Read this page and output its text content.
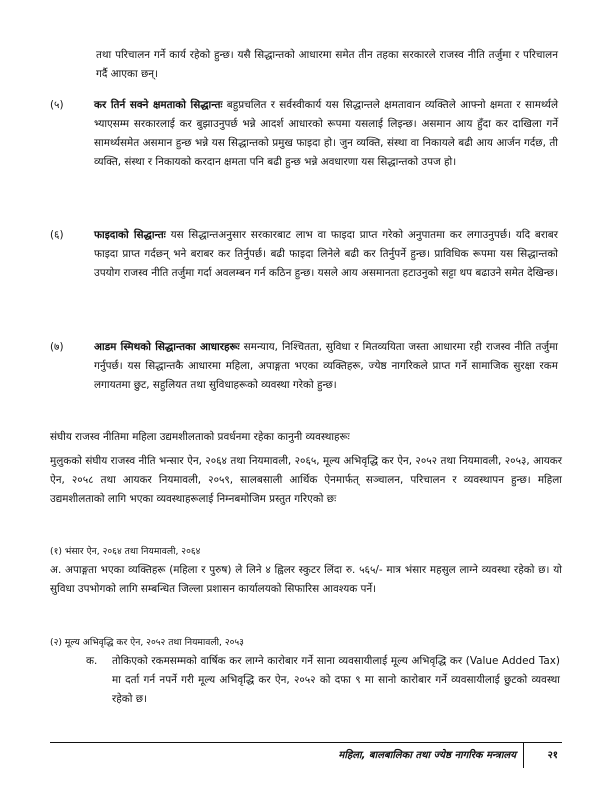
तथा परिचालन गर्ने कार्य रहेको हुन्छ। यसै सिद्धान्तको आधारमा समेत तीन तहका सरकारले राजस्व नीति तर्जुमा र परिचालन गर्दै आएका छन्।

(५)	कर तिर्न सक्ने क्षमताको सिद्धान्तः बहुप्रचलित र सर्वस्वीकार्य यस सिद्धान्तले क्षमतावान व्यक्तिले आफ्नो क्षमता र सामर्थ्यले भ्याएसम्म सरकारलाई कर बुझाउनुपर्छ भन्ने आदर्श आधारको रूपमा यसलाई लिइन्छ। असमान आय हुँदा कर दाखिला गर्ने सामर्थ्यसमेत असमान हुन्छ भन्ने यस सिद्धान्तको प्रमुख फाइदा हो। जुन व्यक्ति, संस्था वा निकायले बढी आय आर्जन गर्दछ, ती व्यक्ति, संस्था र निकायको करदान क्षमता पनि बढी हुन्छ भन्ने अवधारणा यस सिद्धान्तको उपज हो।

(६)	फाइदाको सिद्धान्तः यस सिद्धान्तअनुसार सरकारबाट लाभ वा फाइदा प्राप्त गरेको अनुपातमा कर लगाउनुपर्छ। यदि बराबर फाइदा प्राप्त गर्दछन् भने बराबर कर तिर्नुपर्छ। बढी फाइदा लिनेले बढी कर तिर्नुपर्ने हुन्छ। प्राविधिक रूपमा यस सिद्धान्तको उपयोग राजस्व नीति तर्जुमा गर्दा अवलम्बन गर्न कठिन हुन्छ। यसले आय असमानता हटाउनुको सट्टा थप बढाउने समेत देखिन्छ।

(७)	आडम स्मिथको सिद्धान्तका आधारहरूः समन्याय, निश्चितता, सुविधा र मितव्ययिता जस्ता आधारमा रही राजस्व नीति तर्जुमा गर्नुपर्छ। यस सिद्धान्तकै आधारमा महिला, अपाङ्गता भएका व्यक्तिहरू, ज्येष्ठ नागरिकले प्राप्त गर्ने सामाजिक सुरक्षा रकम लगायतमा छुट, सहुलियत तथा सुविधाहरूको व्यवस्था गरेको हुन्छ।

संघीय राजस्व नीतिमा महिला उद्यमशीलताको प्रवर्धनमा रहेका कानुनी व्यवस्थाहरूः

मुलुकको संघीय राजस्व नीति भन्सार ऐन, २०६४ तथा नियमावली, २०६५, मूल्य अभिवृद्धि कर ऐन, २०५२ तथा नियमावली, २०५३, आयकर ऐन, २०५८ तथा आयकर नियमावली, २०५९, सालबसाली आर्थिक ऐनमार्फत् सञ्चालन, परिचालन र व्यवस्थापन हुन्छ। महिला उद्यमशीलताको लागि भएका व्यवस्थाहरूलाई निम्नबमोजिम प्रस्तुत गरिएको छः

(१) भंसार ऐन, २०६४ तथा नियमावली, २०६४

अ. अपाङ्गता भएका व्यक्तिहरू (महिला र पुरुष) ले लिने ४ ह्विलर स्कुटर लिंदा रु. ५६५/- मात्र भंसार महसुल लाग्ने व्यवस्था रहेको छ। यो सुविधा उपभोगको लागि सम्बन्धित जिल्ला प्रशासन कार्यालयको सिफारिस आवश्यक पर्ने।

(२) मूल्य अभिवृद्धि कर ऐन, २०५२ तथा नियमावली, २०५३

क. तोकिएको रकमसम्मको वार्षिक कर लाग्ने कारोबार गर्ने साना व्यवसायीलाई मूल्य अभिवृद्धि कर (Value Added Tax) मा दर्ता गर्न नपर्ने गरी मूल्य अभिवृद्धि कर ऐन, २०५२ को दफा ९ मा सानो कारोबार गर्ने व्यवसायीलाई छुटको व्यवस्था रहेको छ।

महिला, बालबालिका तथा ज्येष्ठ नागरिक मन्त्रालय	२१
